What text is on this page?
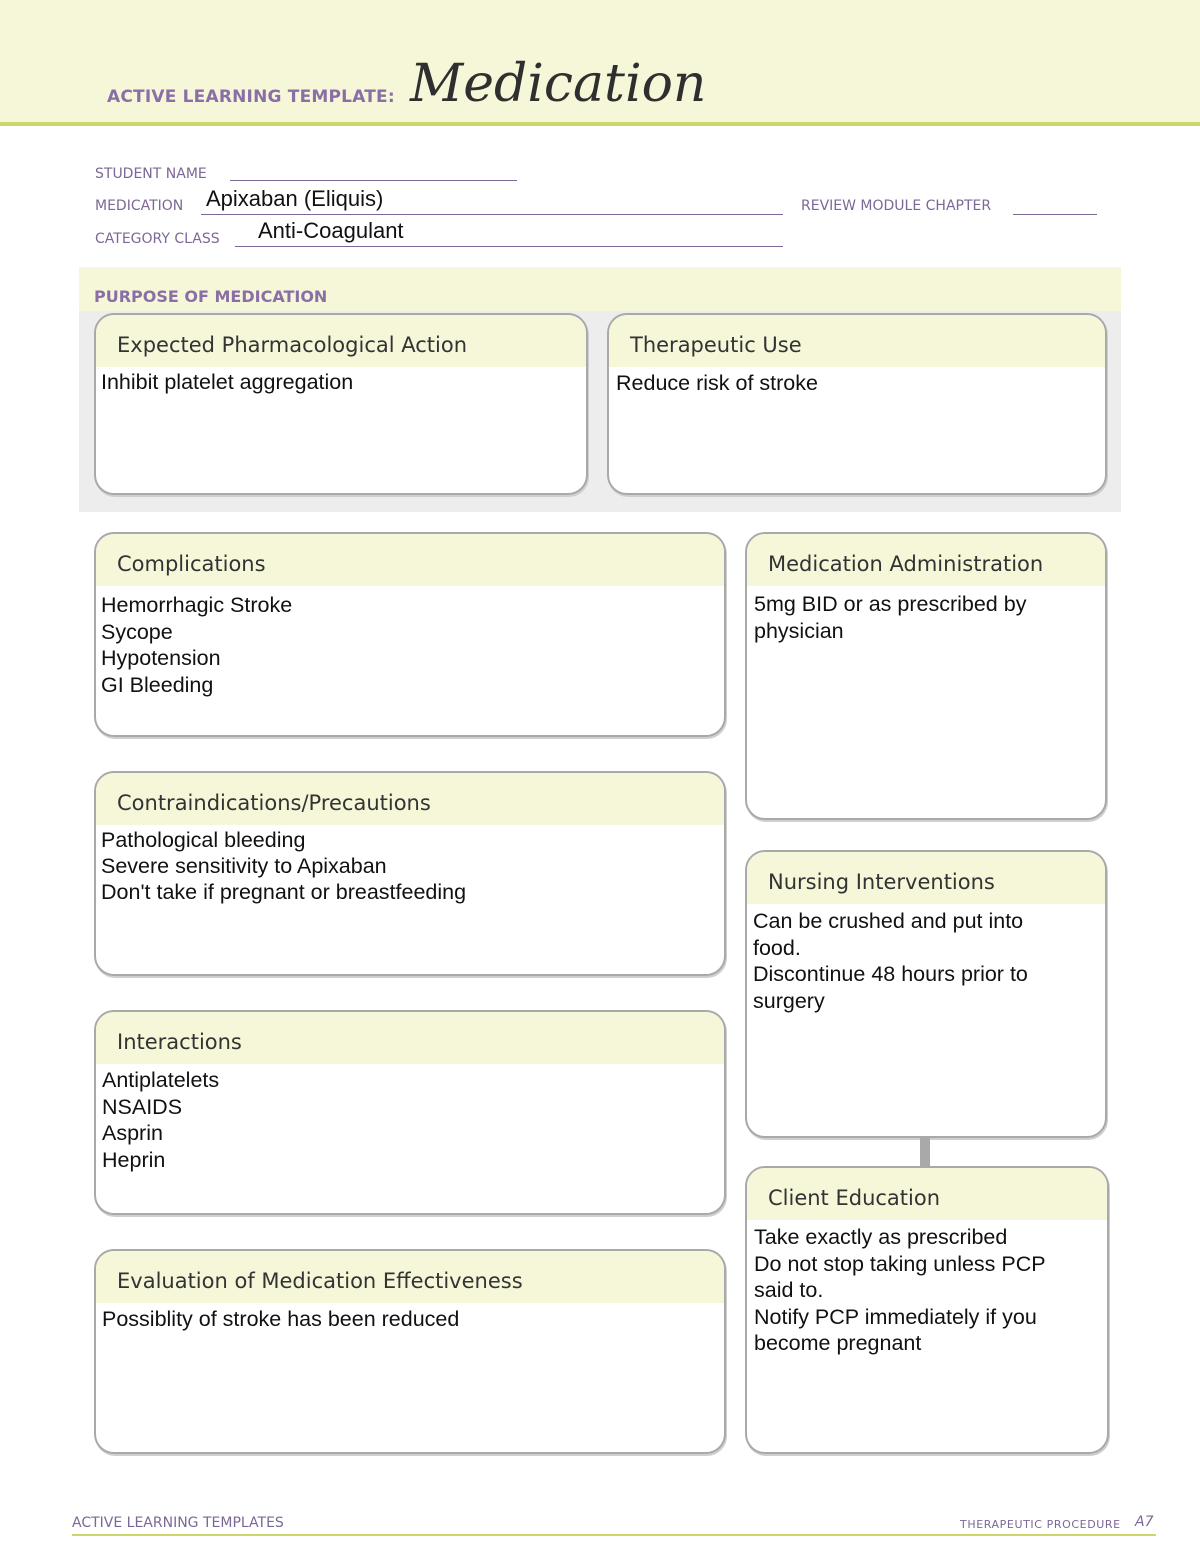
ACTIVE LEARNING TEMPLATE: Medication
STUDENT NAME
MEDICATION Apixaban (Eliquis)	REVIEW MODULE CHAPTER
CATEGORY CLASS Anti-Coagulant
PURPOSE OF MEDICATION
Expected Pharmacological Action
Inhibit platelet aggregation
Therapeutic Use
Reduce risk of stroke
Complications
Hemorrhagic Stroke
Sycope
Hypotension
GI Bleeding
Contraindications/Precautions
Pathological bleeding
Severe sensitivity to Apixaban
Don't take if pregnant or breastfeeding
Interactions
Antiplatelets
NSAIDS
Asprin
Heprin
Evaluation of Medication Effectiveness
Possiblity of stroke has been reduced
Medication Administration
5mg BID or as prescribed by
physician
Nursing Interventions
Can be crushed and put into
food.
Discontinue 48 hours prior to
surgery
Client Education
Take exactly as prescribed
Do not stop taking unless PCP
said to.
Notify PCP immediately if you
become pregnant
ACTIVE LEARNING TEMPLATES	THERAPEUTIC PROCEDURE A7
